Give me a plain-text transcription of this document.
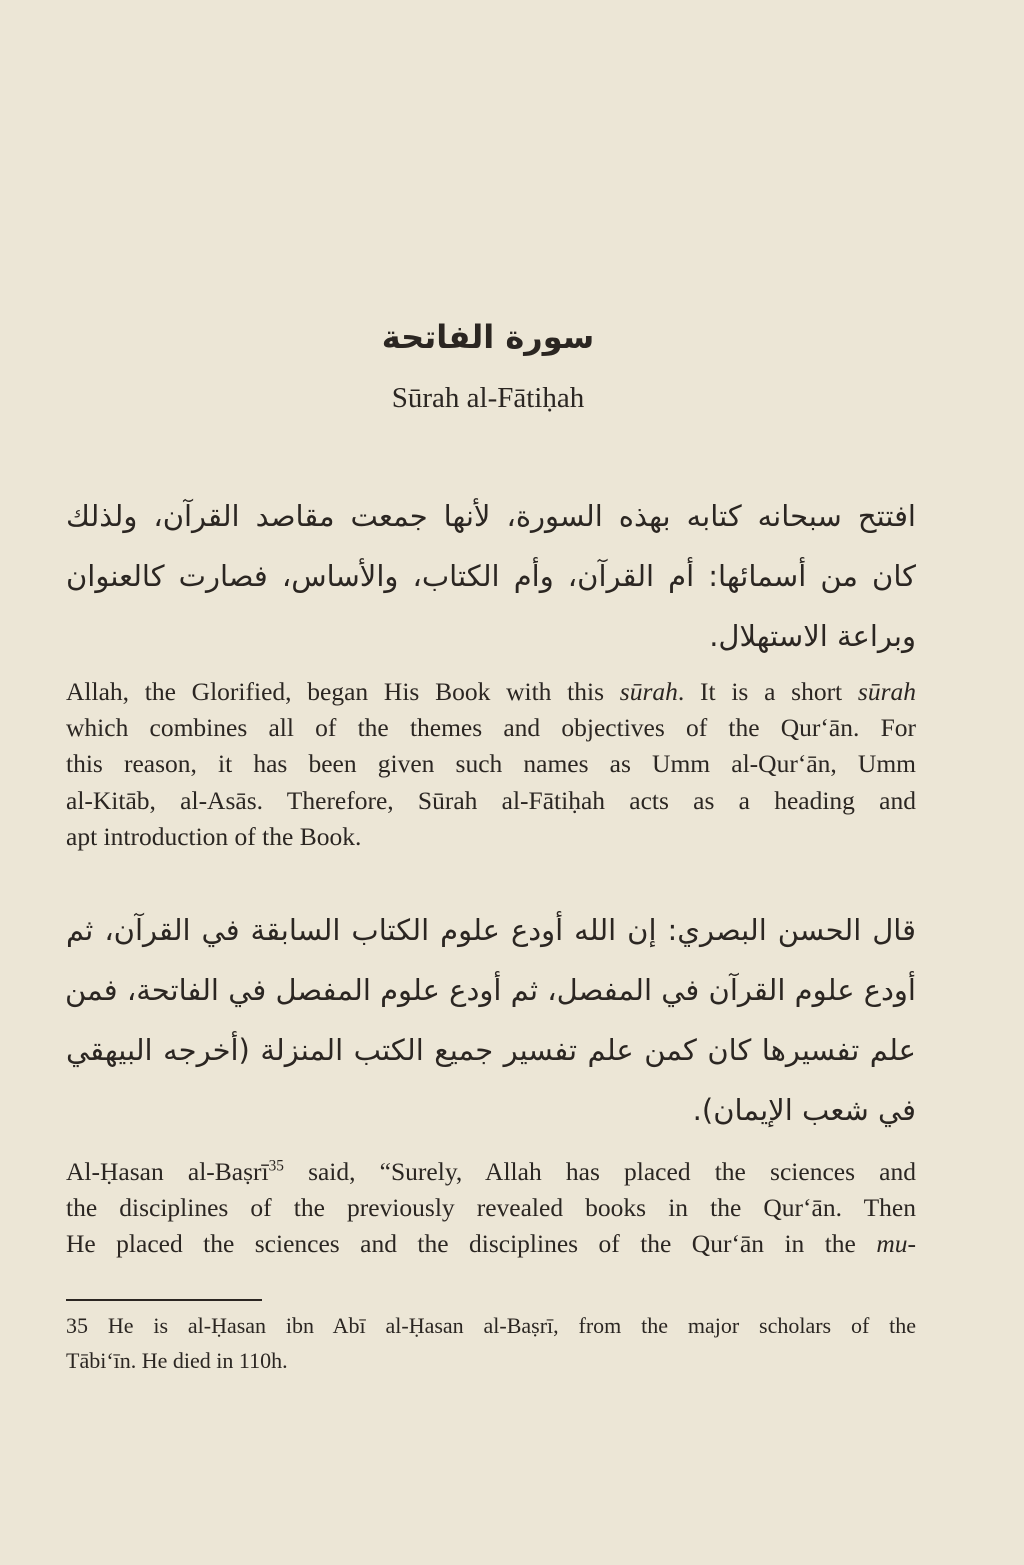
سورة الفاتحة
Sūrah al-Fātiḥah
افتتح سبحانه كتابه بهذه السورة، لأنها جمعت مقاصد القرآن، ولذلك
كان من أسمائها: أم القرآن، وأم الكتاب، والأساس، فصارت كالعنوان
وبراعة الاستهلال.
Allah, the Glorified, began His Book with this sūrah. It is a short sūrah
which combines all of the themes and objectives of the Qur‘ān. For
this reason, it has been given such names as Umm al-Qur‘ān, Umm
al-Kitāb, al-Asās. Therefore, Sūrah al-Fātiḥah acts as a heading and
apt introduction of the Book.
قال الحسن البصري: إن الله أودع علوم الكتاب السابقة في القرآن، ثم
أودع علوم القرآن في المفصل، ثم أودع علوم المفصل في الفاتحة، فمن
علم تفسيرها كان كمن علم تفسير جميع الكتب المنزلة (أخرجه البيهقي
في شعب الإيمان).
Al-Ḥasan al-Baṣrī$^{35}$ said, “Surely, Allah has placed the sciences and
the disciplines of the previously revealed books in the Qur‘ān. Then
He placed the sciences and the disciplines of the Qur‘ān in the mu-
35 He is al-Ḥasan ibn Abī al-Ḥasan al-Baṣrī, from the major scholars of the
Tābi‘īn. He died in 110h.
